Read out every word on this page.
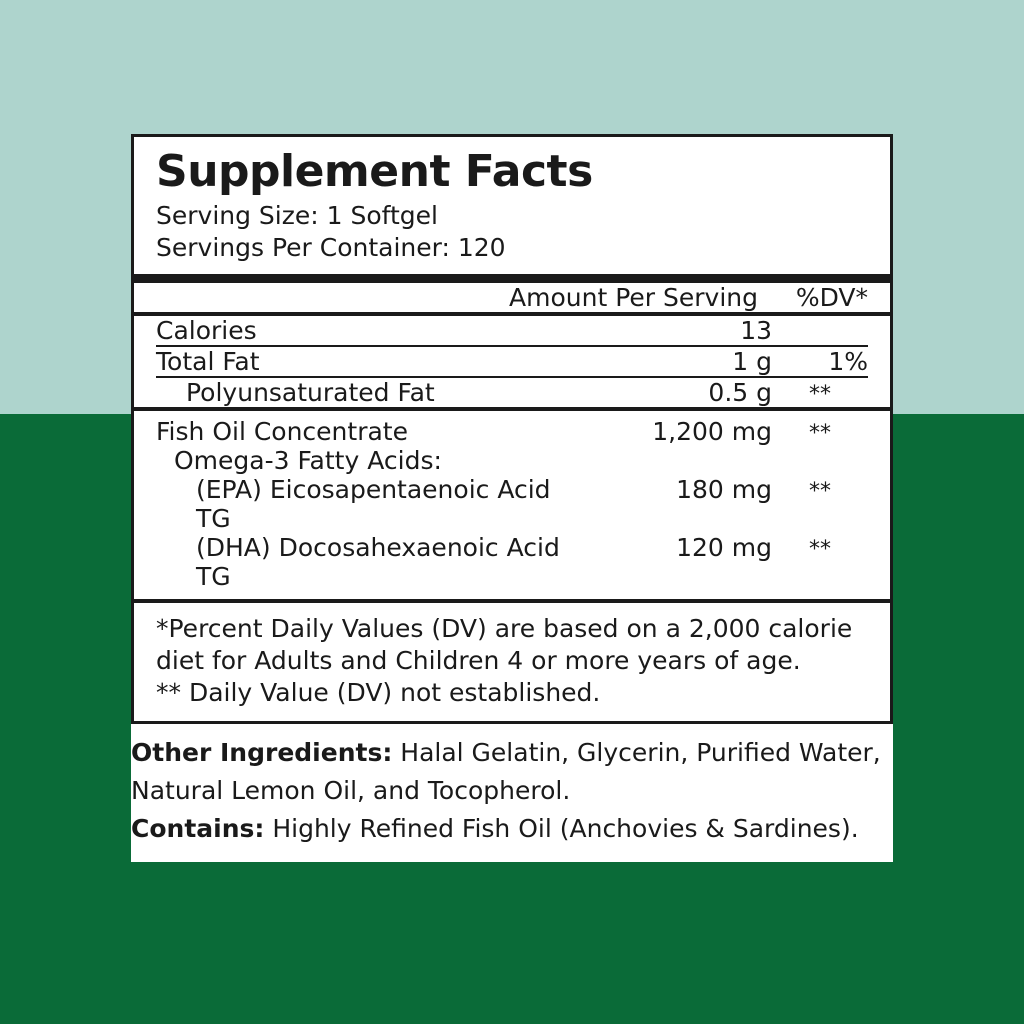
Supplement Facts
Serving Size: 1 Softgel
Servings Per Container: 120
	Amount Per Serving	%DV*
Calories	13	
Total Fat	1 g	1%
Polyunsaturated Fat	0.5 g	**
Fish Oil Concentrate	1,200 mg	**
Omega-3 Fatty Acids:		
(EPA) Eicosapentaenoic Acid TG	180 mg	**
(DHA) Docosahexaenoic Acid TG	120 mg	**
*Percent Daily Values (DV) are based on a 2,000 calorie
diet for Adults and Children 4 or more years of age.
** Daily Value (DV) not established.
Other Ingredients: Halal Gelatin, Glycerin, Purified Water, Natural Lemon Oil, and Tocopherol.
Contains: Highly Refined Fish Oil (Anchovies & Sardines).
